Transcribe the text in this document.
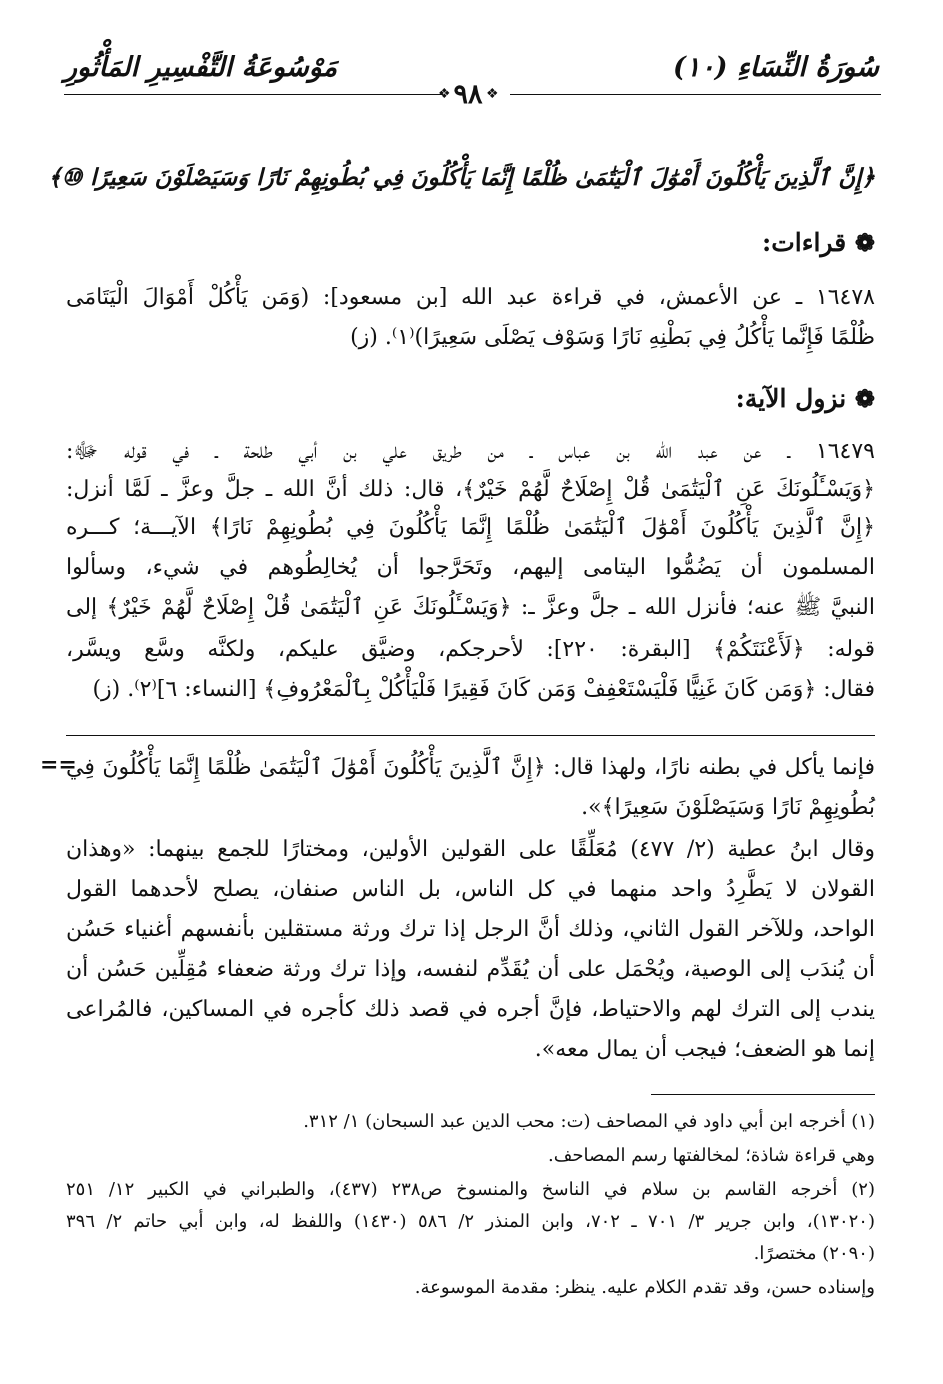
سُورَةُ النِّسَاءِ (١٠)
مَوْسُوعَةُ التَّفْسِيرِ المَأْثُورِ
❖
❖ ٩٨
﴿إِنَّ ٱلَّذِينَ يَأْكُلُونَ أَمْوَٰلَ ٱلْيَتَٰمَىٰ ظُلْمًا إِنَّمَا يَأْكُلُونَ فِي بُطُونِهِمْ نَارًا وَسَيَصْلَوْنَ سَعِيرًا ⑩﴾
❁ قراءات:
١٦٤٧٨ ـ عن الأعمش، في قراءة عبد الله [بن مسعود]: (وَمَن يَأْكُلْ أَمْوَالَ الْيَتَامَى
ظُلْمًا فَإِنَّما يَأْكُلُ فِي بَطْنِهِ نَارًا وَسَوْف يَصْلَى سَعِيرًا)⁽١⁾. (ز)
❁ نزول الآية:
١٦٤٧٩ ـ عن عبد الله بن عباس ـ من طريق علي بن أبي طلحة ـ في قوله ﷻ:
﴿وَيَسْـَٔلُونَكَ عَنِ ٱلْيَتَٰمَىٰ قُلْ إِصْلَاحٌ لَّهُمْ خَيْرٌ﴾، قال: ذلك أنَّ الله ـ جلَّ وعزَّ ـ لَمَّا أنزل:
﴿إِنَّ ٱلَّذِينَ يَأْكُلُونَ أَمْوَٰلَ ٱلْيَتَٰمَىٰ ظُلْمًا إِنَّمَا يَأْكُلُونَ فِي بُطُونِهِمْ نَارًا﴾ الآيـــة؛ كـــره
المسلمون أن يَضُمُّوا اليتامى إليهم، وتَحَرَّجوا أن يُخالِطُوهم في شيء، وسألوا
النبيَّ ﷺ عنه؛ فأنزل الله ـ جلَّ وعزَّ ـ: ﴿وَيَسْـَٔلُونَكَ عَنِ ٱلْيَتَٰمَىٰ قُلْ إِصْلَاحٌ لَّهُمْ خَيْرٌ﴾ إلى
قوله: ﴿لَأَعْنَتَكُمْ﴾ [البقرة: ٢٢٠]: لأحرجكم، وضيَّق عليكم، ولكنَّه وسَّع ويسَّر،
فقال: ﴿وَمَن كَانَ غَنِيًّا فَلْيَسْتَعْفِفْ وَمَن كَانَ فَقِيرًا فَلْيَأْكُلْ بِٱلْمَعْرُوفِ﴾ [النساء: ٦]⁽٢⁾. (ز)
==
فإنما يأكل في بطنه نارًا، ولهذا قال: ﴿إِنَّ ٱلَّذِينَ يَأْكُلُونَ أَمْوَٰلَ ٱلْيَتَٰمَىٰ ظُلْمًا إِنَّمَا يَأْكُلُونَ فِي
بُطُونِهِمْ نَارًا وَسَيَصْلَوْنَ سَعِيرًا﴾».
وقال ابنُ عطية (٢/ ٤٧٧) مُعَلِّقًا على القولين الأولين، ومختارًا للجمع بينهما: «وهذان
القولان لا يَطَّرِدُ واحد منهما في كل الناس، بل الناس صنفان، يصلح لأحدهما القول
الواحد، وللآخر القول الثاني، وذلك أنَّ الرجل إذا ترك ورثة مستقلين بأنفسهم أغنياء حَسُن
أن يُندَب إلى الوصية، ويُحْمَل على أن يُقَدِّم لنفسه، وإذا ترك ورثة ضعفاء مُقِلِّين حَسُن أن
يندب إلى الترك لهم والاحتياط، فإنَّ أجره في قصد ذلك كأجره في المساكين، فالمُراعى
إنما هو الضعف؛ فيجب أن يمال معه».
(١) أخرجه ابن أبي داود في المصاحف (ت: محب الدين عبد السبحان) ١/ ٣١٢.
وهي قراءة شاذة؛ لمخالفتها رسم المصاحف.
(٢) أخرجه القاسم بن سلام في الناسخ والمنسوخ ص٢٣٨ (٤٣٧)، والطبراني في الكبير ١٢/ ٢٥١
(١٣٠٢٠)، وابن جرير ٣/ ٧٠١ ـ ٧٠٢، وابن المنذر ٢/ ٥٨٦ (١٤٣٠) واللفظ له، وابن أبي حاتم ٢/ ٣٩٦
(٢٠٩٠) مختصرًا.
وإسناده حسن، وقد تقدم الكلام عليه. ينظر: مقدمة الموسوعة.
